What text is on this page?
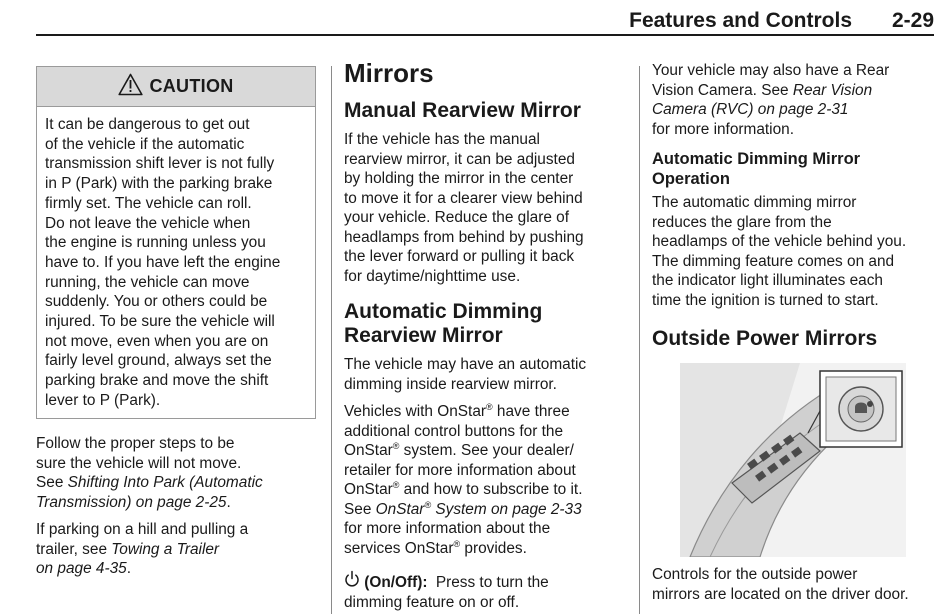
Features and Controls 2-29
CAUTION
It can be dangerous to get out
of the vehicle if the automatic
transmission shift lever is not fully
in P (Park) with the parking brake
firmly set. The vehicle can roll.
Do not leave the vehicle when
the engine is running unless you
have to. If you have left the engine
running, the vehicle can move
suddenly. You or others could be
injured. To be sure the vehicle will
not move, even when you are on
fairly level ground, always set the
parking brake and move the shift
lever to P (Park).

Follow the proper steps to be
sure the vehicle will not move.
See Shifting Into Park (Automatic
Transmission) on page 2-25.

If parking on a hill and pulling a
trailer, see Towing a Trailer
on page 4-35.

Mirrors
Manual Rearview Mirror

If the vehicle has the manual
rearview mirror, it can be adjusted
by holding the mirror in the center
to move it for a clearer view behind
your vehicle. Reduce the glare of
headlamps from behind by pushing
the lever forward or pulling it back
for daytime/nighttime use.

Automatic Dimming
Rearview Mirror

The vehicle may have an automatic
dimming inside rearview mirror.

Vehicles with OnStar® have three
additional control buttons for the
OnStar® system. See your dealer/
retailer for more information about
OnStar® and how to subscribe to it.
See OnStar® System on page 2-33
for more information about the
services OnStar® provides.

(On/Off): Press to turn the
dimming feature on or off.

Your vehicle may also have a Rear
Vision Camera. See Rear Vision
Camera (RVC) on page 2-31
for more information.

Automatic Dimming Mirror
Operation

The automatic dimming mirror
reduces the glare from the
headlamps of the vehicle behind you.
The dimming feature comes on and
the indicator light illuminates each
time the ignition is turned to start.

Outside Power Mirrors

Controls for the outside power
mirrors are located on the driver door.
